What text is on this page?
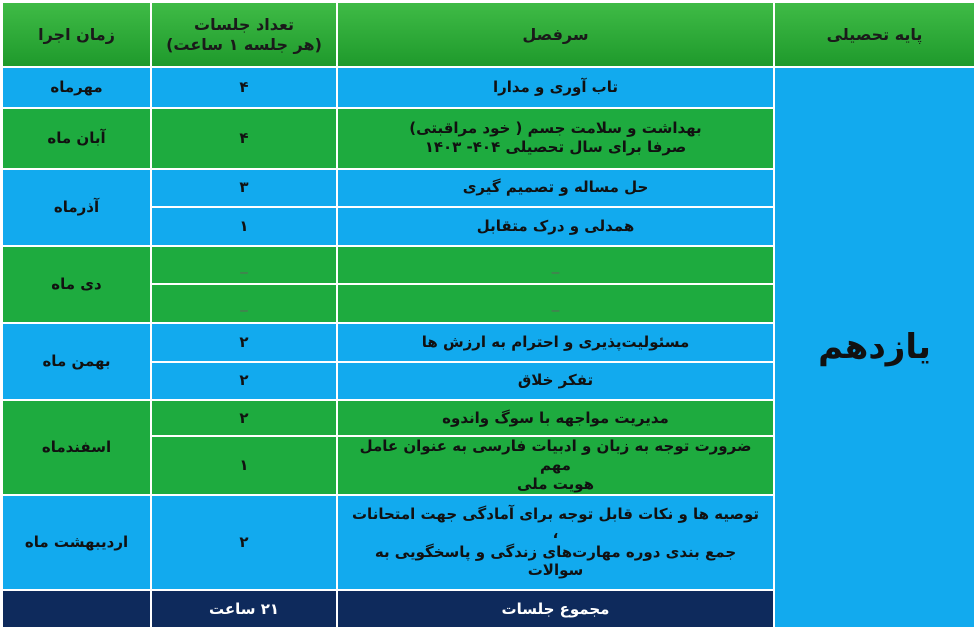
پایه تحصیلی	سرفصل	تعداد جلسات
(هر جلسه ۱ ساعت)	زمان اجرا
یازدهم	تاب آوری و مدارا	۴	مهرماه

	بهداشت و سلامت جسم ( خود مراقبتی)
صرفا برای سال تحصیلی ۴۰۴- ۱۴۰۳	۴	آبان ماه
	حل مساله و تصمیم گیری	۳	آذرماه
	همدلی و درک متقابل	۱	
	_	_	دی ماه
	_	_	
	مسئولیت‌پذیری و احترام به ارزش ها	۲	بهمن ماه
	تفکر خلاق	۲	
	مدیریت مواجهه با سوگ واندوه	۲	اسفندماه

	ضرورت توجه به زبان و ادبیات فارسی به عنوان عامل مهم
هویت ملی	۱	

	توصیه ها و نکات قابل توجه برای آمادگی جهت امتحانات ،
جمع بندی دوره مهارت‌های زندگی و پاسخگویی به
سوالات	۲	اردیبهشت ماه
	مجموع جلسات	۲۱ ساعت	
